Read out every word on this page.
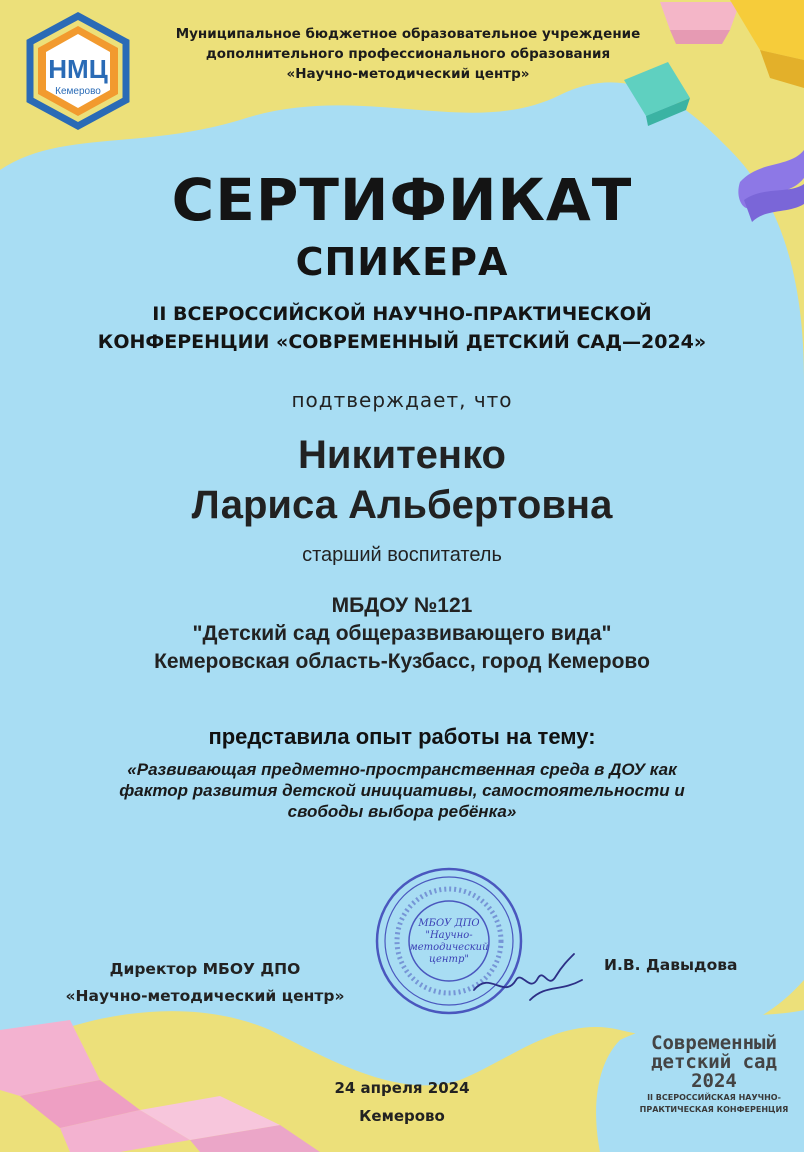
НМЦ
Кемерово
Муниципальное бюджетное образовательное учреждение
дополнительного профессионального образования
«Научно-методический центр»
СЕРТИФИКАТ
СПИКЕРА
II ВСЕРОССИЙСКОЙ НАУЧНО-ПРАКТИЧЕСКОЙ
КОНФЕРЕНЦИИ «СОВРЕМЕННЫЙ ДЕТСКИЙ САД—2024»
подтверждает, что
Никитенко
Лариса Альбертовна
старший воспитатель
МБДОУ №121
"Детский сад общеразвивающего вида"
Кемеровская область-Кузбасс, город Кемерово
представила опыт работы на тему:
«Развивающая предметно-пространственная среда в ДОУ как
фактор развития детской инициативы, самостоятельности и
свободы выбора ребёнка»
МБОУ ДПО
"Научно-
методический
центр"
Директор МБОУ ДПО
«Научно-методический центр»
И.В. Давыдова
24 апреля 2024
Кемерово
Современный
детский сад
2024
II ВСЕРОССИЙСКАЯ НАУЧНО-
ПРАКТИЧЕСКАЯ КОНФЕРЕНЦИЯ
